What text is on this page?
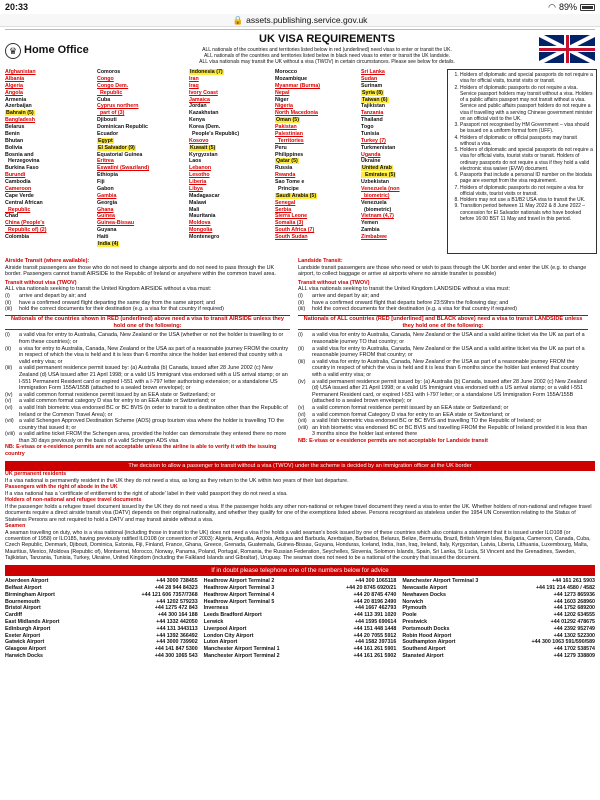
20:33	◠ 89%
🔒 assets.publishing.service.gov.uk
♛ Home Office
UK VISA REQUIREMENTS
ALL nationals of the countries and territories listed below in red (underlined) need visas to enter or transit the UK.
ALL nationals of the countries and territories listed below in black need visas to enter or transit the UK landside.
ALL visa nationals may transit the UK without a visa (TWOV) in certain circumstances. Please see below for details.
Afghanistan
Albania
Algeria
Angola
Armenia
Azerbaijan
Bahrain (5)
Bangladesh
Belarus
Benin
Bhutan
Bolivia
Bosnia and
Herzegovina
Burkina Faso
Burundi
Cambodia
Cameroon
Cape Verde
Central African
Republic
Chad
China (People's
Republic of) (2)
Colombia
Comoros
Congo
Congo Dem.
Republic
Cuba
Cyprus northern
part of (3)
Djibouti
Dominican Republic
Ecuador
Egypt
El Salvador (9)
Equatorial Guinea
Eritrea
Eswatini (Swaziland)
Ethiopia
Fiji
Gabon
Gambia
Georgia
Ghana
Guinea
Guinea-Bissau
Guyana
Haiti
India (4)
Indonesia (7)
Iran
Iraq
Ivory Coast
Jamaica
Jordan
Kazakhstan
Kenya
Korea (Dem.
People's Republic)
Kosovo
Kuwait (5)
Kyrgyzstan
Laos
Lebanon
Lesotho
Liberia
Libya
Madagascar
Malawi
Mali
Mauritania
Moldova
Mongolia
Montenegro
Morocco
Mozambique
Myanmar (Burma)
Nepal
Niger
Nigeria
North Macedonia
Oman (5)
Pakistan
Palestinian
Territories
Peru
Philippines
Qatar (5)
Russia
Rwanda
Sao Tome e
Principe
Saudi Arabia (5)
Senegal
Serbia
Sierra Leone
Somalia (3)
South Africa (7)
South Sudan
Sri Lanka
Sudan
Surinam
Syria (8)
Taiwan (6)
Tajikistan
Tanzania
Thailand
Togo
Tunisia
Turkey (7)
Turkmenistan
Uganda
Ukraine
United Arab
Emirates (5)
Uzbekistan
Venezuela (non
biometric)
Venezuela
(biometric)
Vietnam (4,7)
Yemen
Zambia
Zimbabwe
1. Holders of diplomatic and special passports do not require a visa for official visits, tourist visits or transit.
2. Holders of diplomatic passports do not require a visa. Service passport holders may transit without a visa. Holders of a public affairs passport may not transit without a visa. Service and public affairs passport holders do not require a visa if travelling with a serving Chinese government minister on an official visit to the UK.
3. Passport not recognised by HM Government – visa should be issued on a uniform format form (UFF).
4. Holders of diplomatic or official passports may transit without a visa.
5. Holders of diplomatic and special passports do not require a visa for official visits, tourist visits or transit. Holders of ordinary passports do not require a visa if they hold a valid electronic visa waiver (EVW) document.
6. Passports that include a personal ID number on the biodata page are exempt from the visa requirement.
7. Holders of diplomatic passports do not require a visa for official visits, tourist visits or transit.
8. Holders may not use a B1/B2 USA visa to transit the UK.
9. Transition period between 11 May 2022 & 8 June 2022 – concession for El Salvador nationals who have booked before 16:00 BST 11 May and travel in this period.
Airside Transit (where available):
Airside transit passengers are those who do not need to change airports and do not need to pass through the UK border. Passengers cannot transit AIRSIDE to the Republic of Ireland or anywhere within the common travel area.
Transit without visa (TWOV)
ALL visa nationals seeking to transit the United Kingdom AIRSIDE without a visa must:
(i)	arrive and depart by air; and
(ii)	have a confirmed onward flight departing the same day from the same airport; and
(iii)	hold the correct documents for their destination (e.g. a visa for that country if required)
Nationals of the countries shown in RED (underlined) above need a visa to transit AIRSIDE unless they hold one of the following:
(i)	a valid visa for entry to Australia, Canada, New Zealand or the USA (whether or not the holder is travelling to or from these countries); or
(ii)	a visa for entry to Australia, Canada, New Zealand or the USA as part of a reasonable journey FROM the country in respect of which the visa is held and it is less than 6 months since the holder last entered that country with a valid entry visa; or
(iii)	a valid permanent residence permit issued by: (a) Australia (b) Canada, issued after 28 June 2002 (c) New Zealand (d) USA issued after 21 April 1998; or a valid US Immigrant visa endorsed with a US arrival stamp; or an I-551 Permanent Resident card or expired I-551 with a I-797 letter authorising extension; or a standalone US Immigration Form 155A/155B (attached to a sealed brown envelope); or
(iv)	a valid common format residence permit issued by an EEA state or Switzerland; or
(v)	a valid common format category D visa for entry to an EEA state or Switzerland; or
(vi)	a valid Irish biometric visa endorsed BC or BC BVIS (in order to transit to a destination other than the Republic of Ireland or the Common Travel Area); or
(vii) a valid Schengen Approved Destination Scheme (ADS) group tourism visa where the holder is travelling TO the country that issued it; or
(viii) a valid airline ticket FROM the Schengen area, provided the holder can demonstrate they entered there no more than 30 days previously on the basis of a valid Schengen ADS visa
NB: E-visas or e-residence permits are not acceptable unless the airline is able to verify it with the issuing country
Landside Transit:
Landside transit passengers are those who need or wish to pass through the UK border and enter the UK (e.g. to change airport, to collect baggage or arrive at airports where no airside transfer is possible)
Transit without visa (TWOV)
ALL visa nationals seeking to transit the United Kingdom LANDSIDE without a visa must:
(i)	arrive and depart by air; and
(ii)	have a confirmed onward flight that departs before 23:59hrs the following day; and
(iii)	hold the correct documents for their destination (e.g. a visa for that country if required)
Nationals of ALL countries (RED [underlined] and BLACK above) need a visa to transit LANDSIDE unless they hold one of the following:
(i)	a valid visa for entry to Australia, Canada, New Zealand or the USA and a valid airline ticket via the UK as part of a reasonable journey TO that country; or
(ii)	a valid visa for entry to Australia, Canada, New Zealand or the USA and a valid airline ticket via the UK as part of a reasonable journey FROM that country; or
(iii)	a valid visa for entry to Australia, Canada, New Zealand or the USA as part of a reasonable journey FROM the country in respect of which the visa is held and it is less than 6 months since the holder last entered that country with a valid entry visa; or
(iv)	a valid permanent residence permit issued by: (a) Australia (b) Canada, issued after 28 June 2002 (c) New Zealand (d) USA issued after 21 April 1998; or a valid US Immigrant visa endorsed with a US arrival stamp; or a valid I-551 Permanent Resident card, or expired I-551 with I-797 letter; or a standalone US Immigration Form 155A/155B (attached to a sealed brown envelope); or
(v)	a valid common format residence permit issued by an EEA state or Switzerland; or
(vi)	a valid common format Category D visa for entry to an EEA state or Switzerland; or
(vii) a valid Irish biometric visa endorsed BC or BC BVIS and travelling TO the Republic of Ireland; or
(viii) an Irish biometric visa endorsed BC or BC BVIS and travelling FROM the Republic of Ireland provided it is less than 3 months since the holder last entered there
NB: E-visas or e-residence permits are not acceptable for Landside transit
The decision to allow a passenger to transit without a visa (TWOV) under the scheme is decided by an immigration officer at the UK border
UK permanent residents
If a visa national is permanently resident in the UK they do not need a visa, as long as they return to the UK within two years of their last departure.
Passengers with the right of abode in the UK
If a visa national has a 'certificate of entitlement to the right of abode' label in their valid passport they do not need a visa.
Holders of non-national and refugee travel documents
If the passenger holds a refugee travel document issued by the UK they do not need a visa. If the passenger holds any other non-national or refugee travel document they need a visa to enter the UK. Whether holders of non-national and refugee travel documents require a direct airside transit visa (DATV) depends on their original nationality, and whether they qualify for one of the exemptions listed above. Persons recognised as stateless under the 1954 UN Convention relating to the Status of Stateless Persons are not required to hold a DATV and may transit airside without a visa.
Seamen
A seaman travelling on duty, who is a visa national (including those in transit to the UK) does not need a visa if he holds a valid seaman's book issued by one of these countries which also contains a statement that it is issued under ILO108 (or convention of 1958) or ILO185, having previously ratified ILO108 (or convention of 2003): Algeria, Anguilla, Angola, Antigua and Barbuda, Azerbaijan, Barbados, Belarus, Belize, Bermuda, Brazil, British Virgin Isles, Bulgaria, Cameroon, Canada, Cuba, Czech Republic, Denmark, Djibouti, Dominica, Estonia, Fiji, Finland, France, Ghana, Greece, Grenada, Guatemala, Guinea-Bissau, Guyana, Honduras, Iceland, India, Iran, Iraq, Ireland, Italy, Kyrgyzstan, Latvia, Liberia, Lithuania, Luxembourg, Malta, Mauritius, Mexico, Moldova (Republic of), Montserrat, Morocco, Norway, Panama, Poland, Portugal, Romania, the Russian Federation, Seychelles, Slovenia, Solomon Islands, Spain, Sri Lanka, St Lucia, St Vincent and the Grenadines, Sweden, Tajikistan, Tanzania, Tunisia, Turkey, Ukraine, United Kingdom (including the Falkland Islands and Gibraltar), Uruguay. The seaman does not need to be a national of the country that issued the document.
If in doubt please telephone one of the numbers below for advice
Aberdeen Airport	+44 3000 738455
Belfast Airport	+44 28 944 84323
Birmingham Airport	+44 121 606 7357/7368
Bournemouth	+44 1202 579233
Bristol Airport	+44 1275 472 843
Cardiff	+44 300 164 188
East Midlands Airport	+44 1332 442050
Edinburgh Airport	+44 131 3443113
Exeter Airport	+44 1392 366492
Gatwick Airport	+44 3000 739902
Glasgow Airport	+44 141 847 5300
Harwich Docks	+44 300 1065 543
Heathrow Airport Terminal 2	+44 300 1065118
Heathrow Airport Terminal 3	+44 20 8745 6920/21
Heathrow Airport Terminal 4	+44 20 8745 4740
Heathrow Airport Terminal 5	+44 20 8196 2490
Inverness	+44 1667 462793
Leeds Bradford Airport	+44 113 391 1020
Lerwick	+44 1595 690614
Liverpool Airport	+44 151 448 1448
London City Airport	+44 20 7055 5912
Luton Airport	+44 1582 397316
Manchester Airport Terminal 1	+44 161 261 5901
Manchester Airport Terminal 2	+44 161 261 5902
Manchester Airport Terminal 3	+44 161 261 5903
Newcastle Airport	+44 191 214 4580 / 4582
Newhaven Docks	+44 1273 865936
Norwich	+44 1603 268960
Plymouth	+44 1752 689200
Poole	+44 1202 634555
Prestwick	+44 01292 478675
Portsmouth Docks	+44 2392 952749
Robin Hood Airport	+44 1302 522300
Southampton Airport	+44 300 1063 591/590/589
Southend Airport	+44 1702 538574
Stansted Airport	+44 1279 338809
